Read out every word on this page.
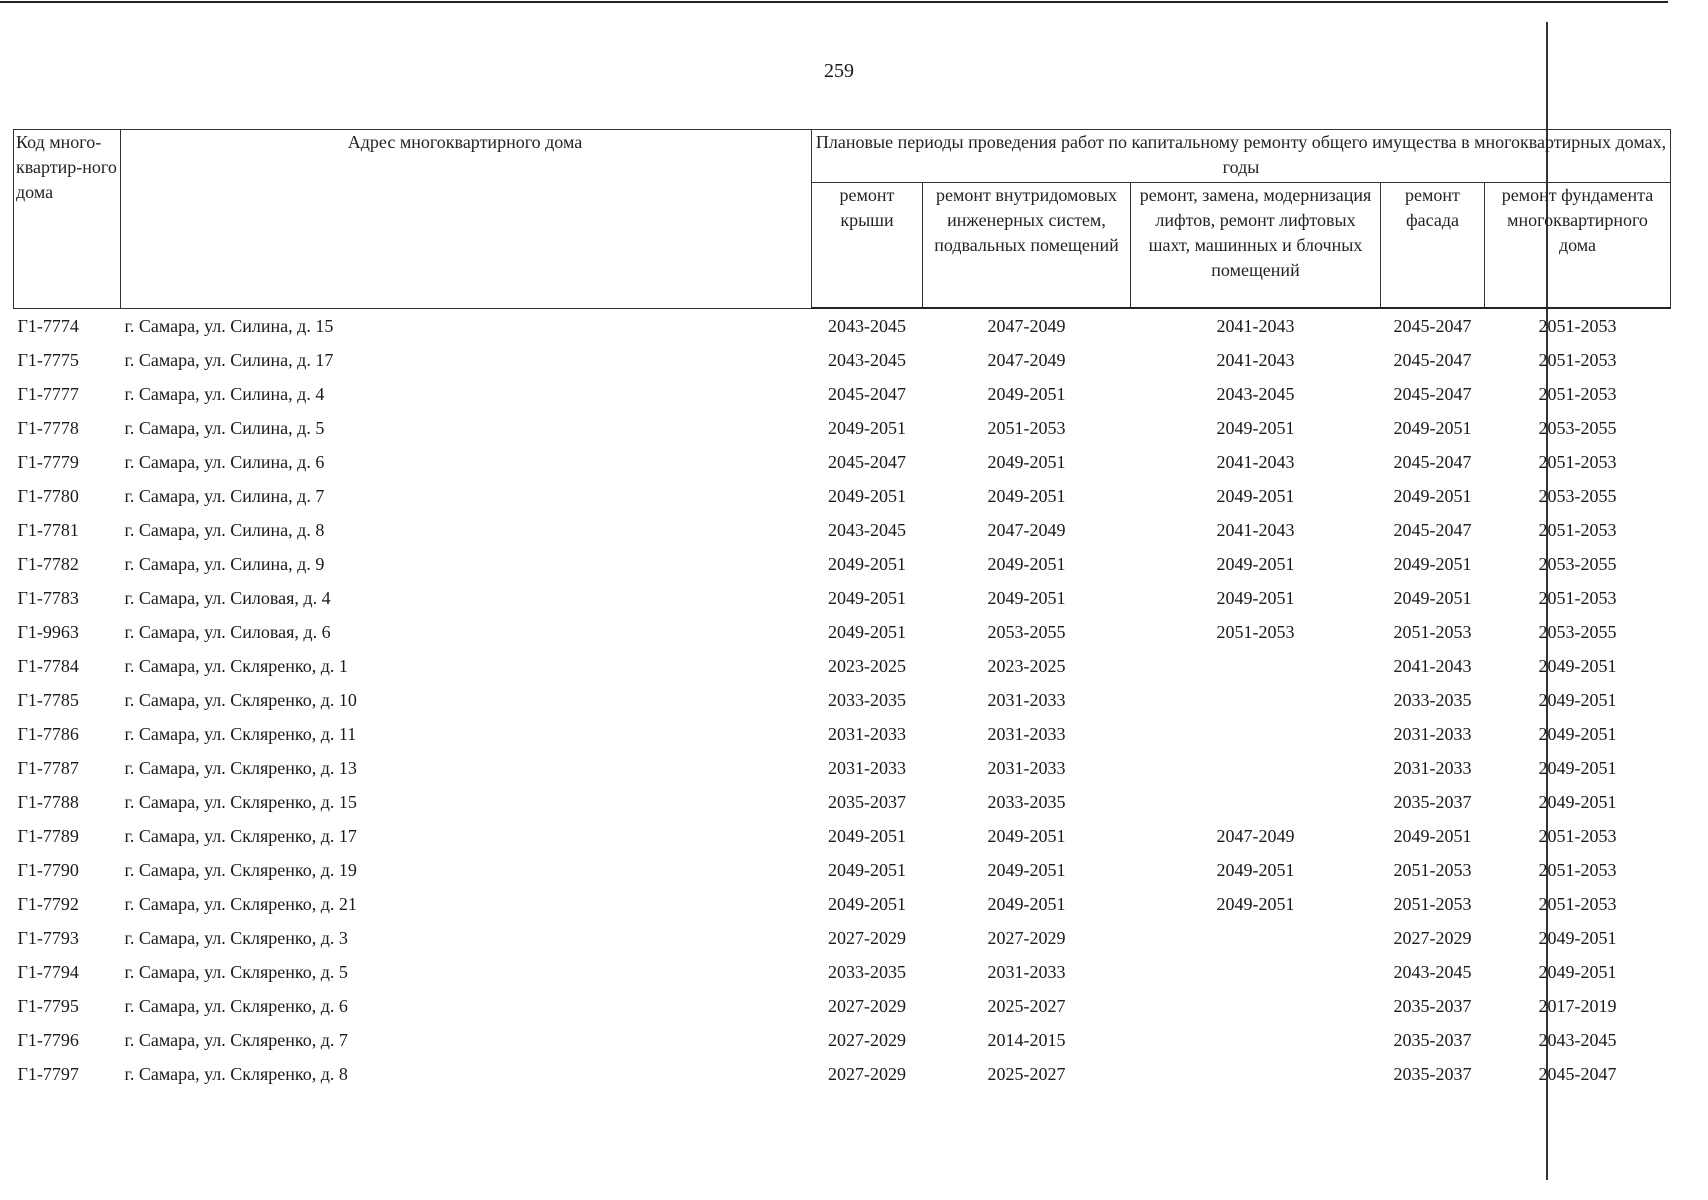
259
Код много-квартир-ного дома	Адрес многоквартирного дома	Плановые периоды проведения работ по капитальному ремонту общего имущества в многоквартирных домах, годы				
		ремонт крыши	ремонт внутридомовых инженерных систем, подвальных помещений	ремонт, замена, модернизация лифтов, ремонт лифтовых шахт, машинных и блочных помещений	ремонт фасада	ремонт фундамента многоквартирного дома
Г1-7774	г. Самара, ул. Силина, д. 15	2043-2045	2047-2049	2041-2043	2045-2047	2051-2053
Г1-7775	г. Самара, ул. Силина, д. 17	2043-2045	2047-2049	2041-2043	2045-2047	2051-2053
Г1-7777	г. Самара, ул. Силина, д. 4	2045-2047	2049-2051	2043-2045	2045-2047	2051-2053
Г1-7778	г. Самара, ул. Силина, д. 5	2049-2051	2051-2053	2049-2051	2049-2051	2053-2055
Г1-7779	г. Самара, ул. Силина, д. 6	2045-2047	2049-2051	2041-2043	2045-2047	2051-2053
Г1-7780	г. Самара, ул. Силина, д. 7	2049-2051	2049-2051	2049-2051	2049-2051	2053-2055
Г1-7781	г. Самара, ул. Силина, д. 8	2043-2045	2047-2049	2041-2043	2045-2047	2051-2053
Г1-7782	г. Самара, ул. Силина, д. 9	2049-2051	2049-2051	2049-2051	2049-2051	2053-2055
Г1-7783	г. Самара, ул. Силовая, д. 4	2049-2051	2049-2051	2049-2051	2049-2051	2051-2053
Г1-9963	г. Самара, ул. Силовая, д. 6	2049-2051	2053-2055	2051-2053	2051-2053	2053-2055
Г1-7784	г. Самара, ул. Скляренко, д. 1	2023-2025	2023-2025		2041-2043	2049-2051
Г1-7785	г. Самара, ул. Скляренко, д. 10	2033-2035	2031-2033		2033-2035	2049-2051
Г1-7786	г. Самара, ул. Скляренко, д. 11	2031-2033	2031-2033		2031-2033	2049-2051
Г1-7787	г. Самара, ул. Скляренко, д. 13	2031-2033	2031-2033		2031-2033	2049-2051
Г1-7788	г. Самара, ул. Скляренко, д. 15	2035-2037	2033-2035		2035-2037	2049-2051
Г1-7789	г. Самара, ул. Скляренко, д. 17	2049-2051	2049-2051	2047-2049	2049-2051	2051-2053
Г1-7790	г. Самара, ул. Скляренко, д. 19	2049-2051	2049-2051	2049-2051	2051-2053	2051-2053
Г1-7792	г. Самара, ул. Скляренко, д. 21	2049-2051	2049-2051	2049-2051	2051-2053	2051-2053
Г1-7793	г. Самара, ул. Скляренко, д. 3	2027-2029	2027-2029		2027-2029	2049-2051
Г1-7794	г. Самара, ул. Скляренко, д. 5	2033-2035	2031-2033		2043-2045	2049-2051
Г1-7795	г. Самара, ул. Скляренко, д. 6	2027-2029	2025-2027		2035-2037	2017-2019
Г1-7796	г. Самара, ул. Скляренко, д. 7	2027-2029	2014-2015		2035-2037	2043-2045
Г1-7797	г. Самара, ул. Скляренко, д. 8	2027-2029	2025-2027		2035-2037	2045-2047
